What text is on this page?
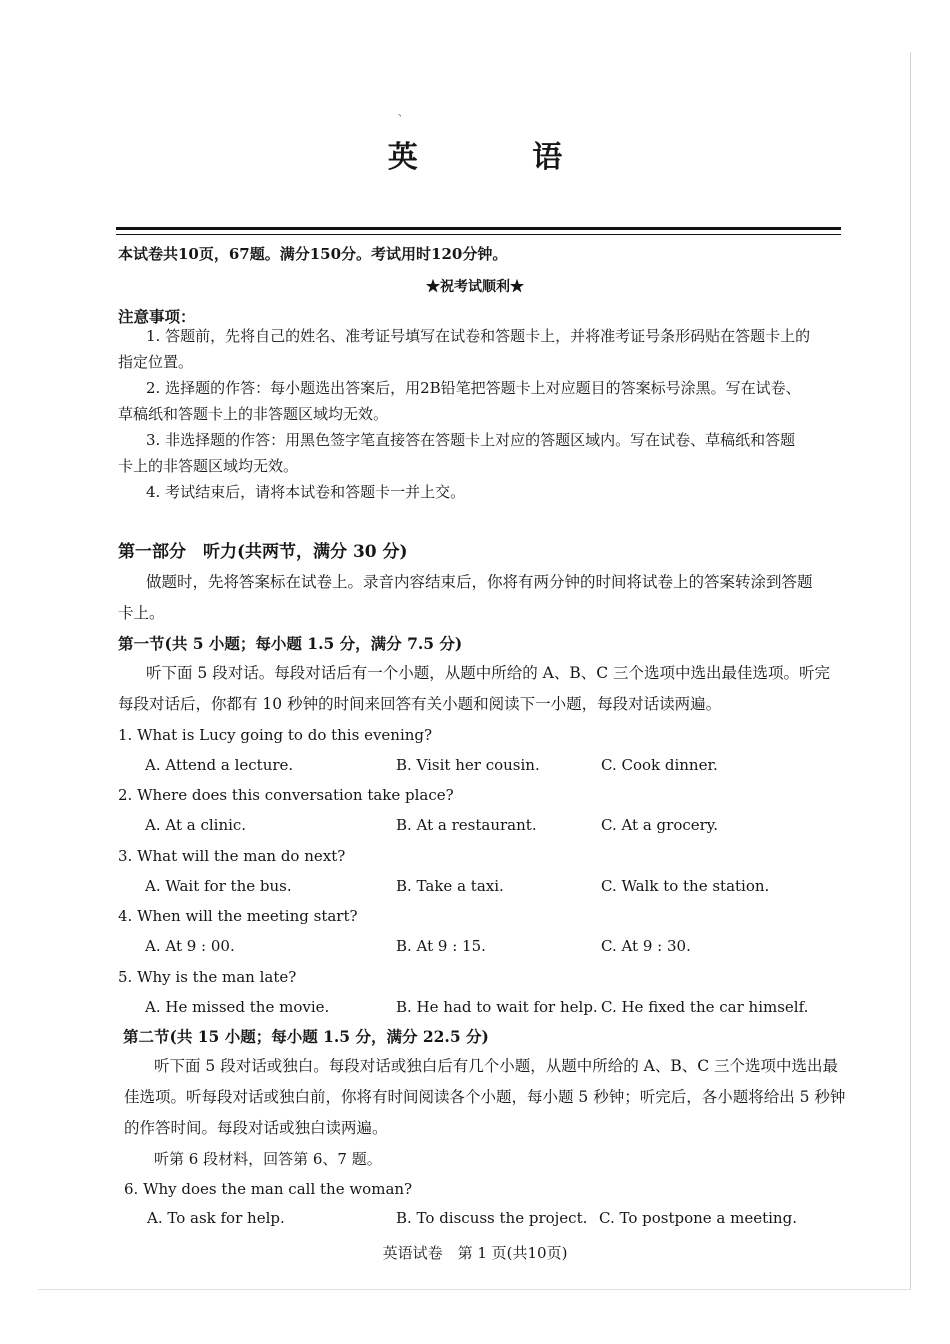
、
英 语
本试卷共10页，67题。满分150分。考试用时120分钟。
★祝考试顺利★
注意事项：
1. 答题前，先将自己的姓名、准考证号填写在试卷和答题卡上，并将准考证号条形码贴在答题卡上的
指定位置。
2. 选择题的作答：每小题选出答案后，用2B铅笔把答题卡上对应题目的答案标号涂黑。写在试卷、
草稿纸和答题卡上的非答题区域均无效。
3. 非选择题的作答：用黑色签字笔直接答在答题卡上对应的答题区域内。写在试卷、草稿纸和答题
卡上的非答题区域均无效。
4. 考试结束后，请将本试卷和答题卡一并上交。
第一部分　听力(共两节，满分 30 分)
做题时，先将答案标在试卷上。录音内容结束后，你将有两分钟的时间将试卷上的答案转涂到答题
卡上。
第一节(共 5 小题；每小题 1.5 分，满分 7.5 分)
听下面 5 段对话。每段对话后有一个小题，从题中所给的 A、B、C 三个选项中选出最佳选项。听完
每段对话后，你都有 10 秒钟的时间来回答有关小题和阅读下一小题，每段对话读两遍。
1. What is Lucy going to do this evening?
A. Attend a lecture.	B. Visit her cousin.	C. Cook dinner.
2. Where does this conversation take place?
A. At a clinic.	B. At a restaurant.	C. At a grocery.
3. What will the man do next?
A. Wait for the bus.	B. Take a taxi.	C. Walk to the station.
4. When will the meeting start?
A. At 9 : 00.	B. At 9 : 15.	C. At 9 : 30.
5. Why is the man late?
A. He missed the movie.	B. He had to wait for help. C. He fixed the car himself.
第二节(共 15 小题；每小题 1.5 分，满分 22.5 分)
听下面 5 段对话或独白。每段对话或独白后有几个小题，从题中所给的 A、B、C 三个选项中选出最
佳选项。听每段对话或独白前，你将有时间阅读各个小题，每小题 5 秒钟；听完后，各小题将给出 5 秒钟
的作答时间。每段对话或独白读两遍。
听第 6 段材料，回答第 6、7 题。
6. Why does the man call the woman?
A. To ask for help.	B. To discuss the project. C. To postpone a meeting.
英语试卷　第 1 页(共10页)
